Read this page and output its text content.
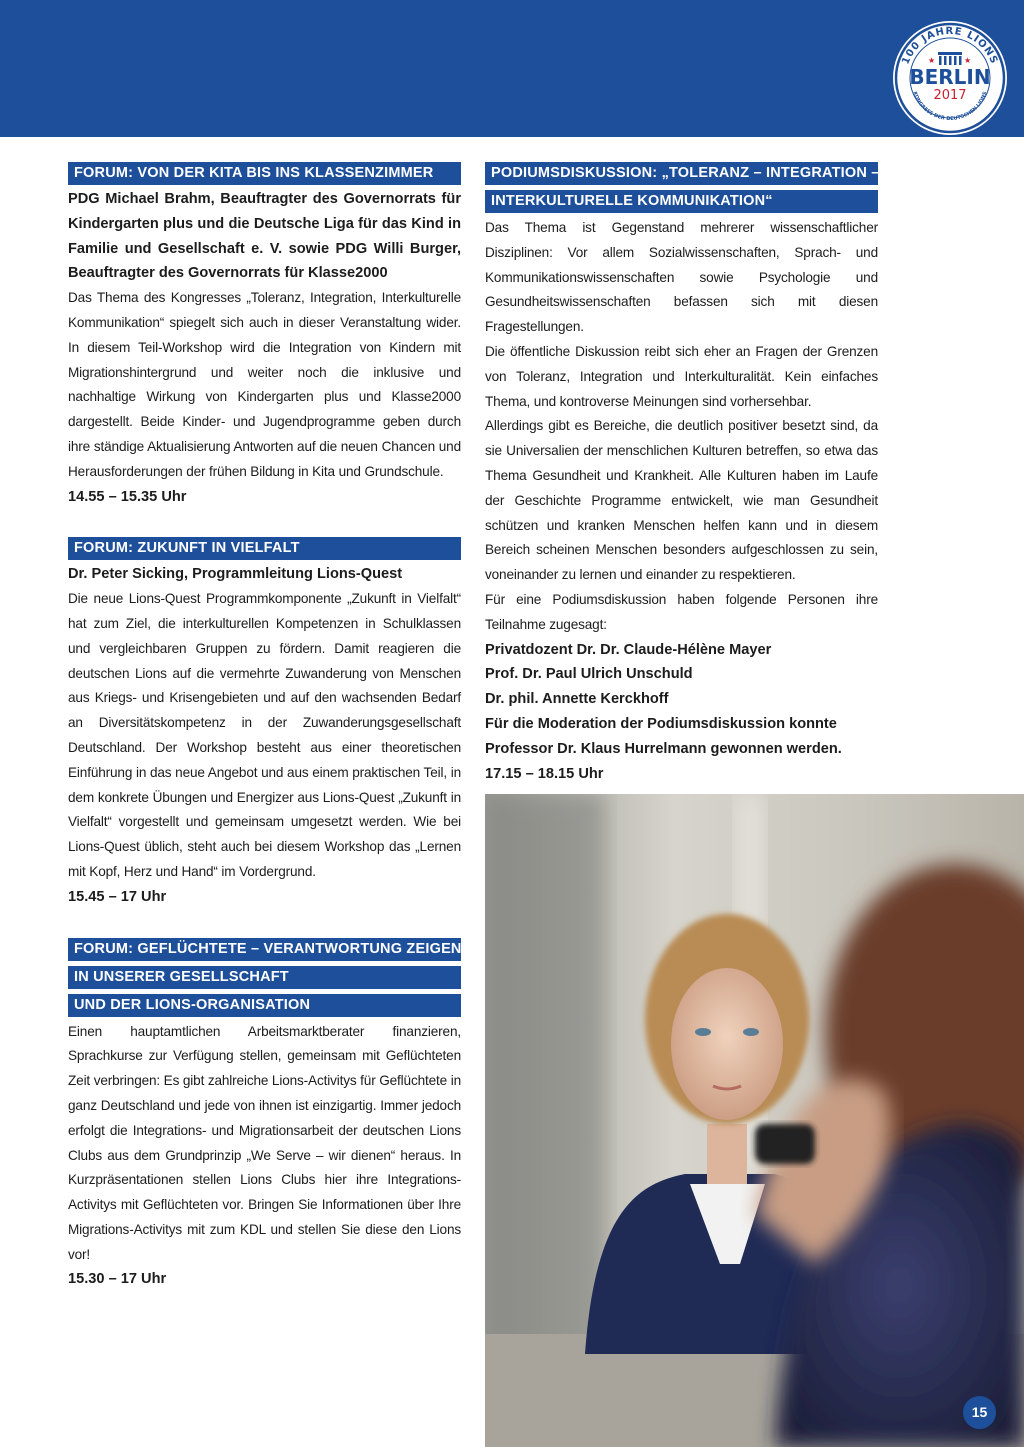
100 JAHRE LIONS
KONGRESS DER DEUTSCHEN LIONS
★	★
BERLIN
2017
FORUM: VON DER KITA BIS INS KLASSENZIMMER

PDG Michael Brahm, Beauftragter des Governorrats für Kindergarten plus und die Deutsche Liga für das Kind in Familie und Gesellschaft e. V. sowie PDG Willi Burger, Beauftragter des Governorrats für Klasse2000

Das Thema des Kongresses „Toleranz, Integration, Interkulturelle Kommunikation“ spiegelt sich auch in dieser Veranstaltung wider. In diesem Teil-Workshop wird die Integration von Kindern mit Migrationshintergrund und weiter noch die inklusive und nachhaltige Wirkung von Kindergarten plus und Klasse2000 dargestellt. Beide Kinder- und Jugendprogramme geben durch ihre ständige Aktualisierung Antworten auf die neuen Chancen und Herausforderungen der frühen Bildung in Kita und Grundschule.

14.55 – 15.35 Uhr

FORUM: ZUKUNFT IN VIELFALT

Dr. Peter Sicking, Programmleitung Lions-Quest

Die neue Lions-Quest Programmkomponente „Zukunft in Vielfalt“ hat zum Ziel, die interkulturellen Kompetenzen in Schulklassen und vergleichbaren Gruppen zu fördern. Damit reagieren die deutschen Lions auf die vermehrte Zuwanderung von Menschen aus Kriegs- und Krisengebieten und auf den wachsenden Bedarf an Diversitätskompetenz in der Zuwanderungsgesellschaft Deutschland. Der Workshop besteht aus einer theoretischen Einführung in das neue Angebot und aus einem praktischen Teil, in dem konkrete Übungen und Energizer aus Lions-Quest „Zukunft in Vielfalt“ vorgestellt und gemeinsam umgesetzt werden. Wie bei Lions-Quest üblich, steht auch bei diesem Workshop das „Lernen mit Kopf, Herz und Hand“ im Vordergrund.

15.45 – 17 Uhr

FORUM: GEFLÜCHTETE – VERANTWORTUNG ZEIGEN
IN UNSERER GESELLSCHAFT
UND DER LIONS-ORGANISATION

Einen hauptamtlichen Arbeitsmarktberater finanzieren, Sprachkurse zur Verfügung stellen, gemeinsam mit Geflüchteten Zeit verbringen: Es gibt zahlreiche Lions-Activitys für Geflüchtete in ganz Deutschland und jede von ihnen ist einzigartig. Immer jedoch erfolgt die Integrations- und Migrationsarbeit der deutschen Lions Clubs aus dem Grundprinzip „We Serve – wir dienen“ heraus. In Kurzpräsentationen stellen Lions Clubs hier ihre Integrations-Activitys mit Geflüchteten vor. Bringen Sie Informationen über Ihre Migrations-Activitys mit zum KDL und stellen Sie diese den Lions vor!

15.30 – 17 Uhr

PODIUMSDISKUSSION: „TOLERANZ – INTEGRATION –
INTERKULTURELLE KOMMUNIKATION“

Das Thema ist Gegenstand mehrerer wissenschaftlicher Disziplinen: Vor allem Sozialwissenschaften, Sprach- und Kommunikationswissenschaften sowie Psychologie und Gesundheitswissenschaften befassen sich mit diesen Fragestellungen.

Die öffentliche Diskussion reibt sich eher an Fragen der Grenzen von Toleranz, Integration und Interkulturalität. Kein einfaches Thema, und kontroverse Meinungen sind vorhersehbar.

Allerdings gibt es Bereiche, die deutlich positiver besetzt sind, da sie Universalien der menschlichen Kulturen betreffen, so etwa das Thema Gesundheit und Krankheit. Alle Kulturen haben im Laufe der Geschichte Programme entwickelt, wie man Gesundheit schützen und kranken Menschen helfen kann und in diesem Bereich scheinen Menschen besonders aufgeschlossen zu sein, voneinander zu lernen und einander zu respektieren.

Für eine Podiumsdiskussion haben folgende Personen ihre Teilnahme zugesagt:

Privatdozent Dr. Dr. Claude-Hélène Mayer

Prof. Dr. Paul Ulrich Unschuld

Dr. phil. Annette Kerckhoff

Für die Moderation der Podiumsdiskussion konnte Professor Dr. Klaus Hurrelmann gewonnen werden.

17.15 – 18.15 Uhr

15
